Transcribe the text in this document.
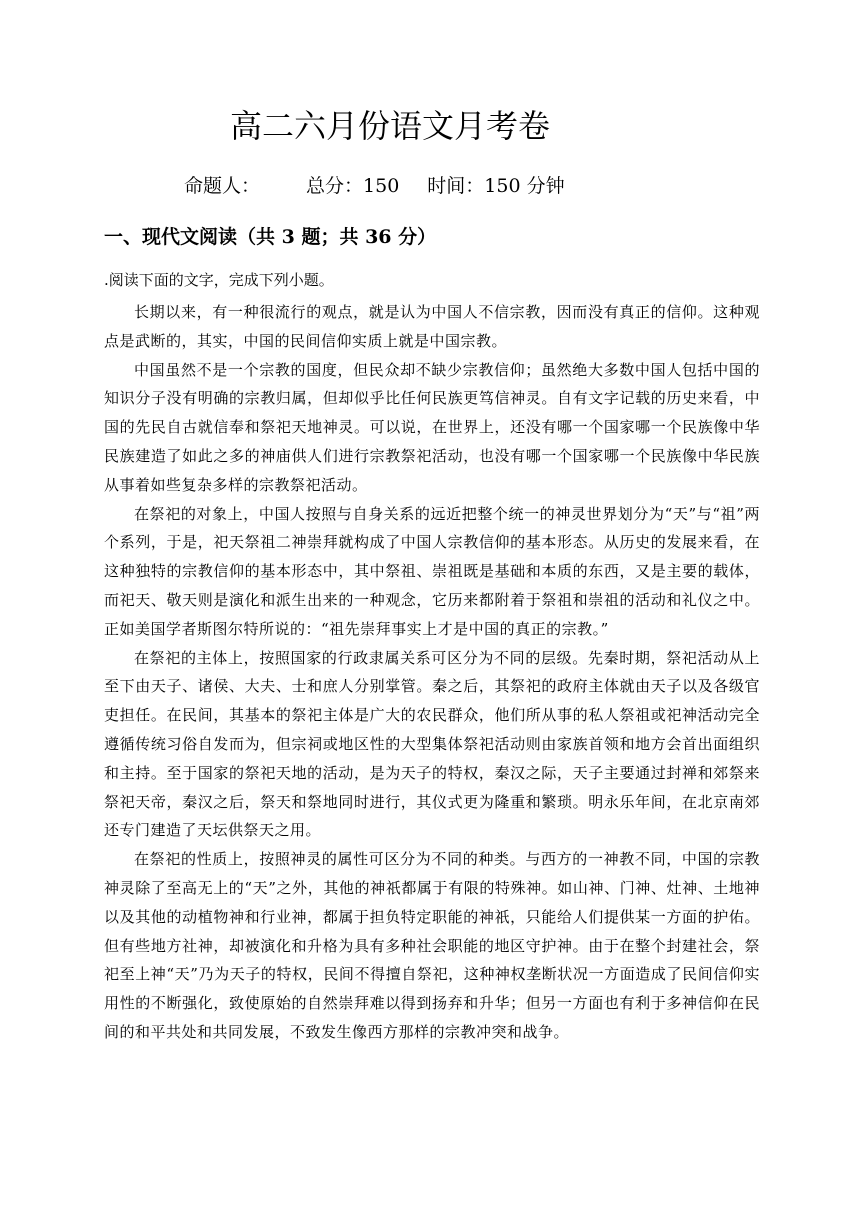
高二六月份语文月考卷
命题人： 总分：150 时间：150 分钟
一、现代文阅读（共 3 题；共 36 分）

.阅读下面的文字，完成下列小题。

长期以来，有一种很流行的观点，就是认为中国人不信宗教，因而没有真正的信仰。这种观点是武断的，其实，中国的民间信仰实质上就是中国宗教。

中国虽然不是一个宗教的国度，但民众却不缺少宗教信仰；虽然绝大多数中国人包括中国的知识分子没有明确的宗教归属，但却似乎比任何民族更笃信神灵。自有文字记载的历史来看，中国的先民自古就信奉和祭祀天地神灵。可以说，在世界上，还没有哪一个国家哪一个民族像中华民族建造了如此之多的神庙供人们进行宗教祭祀活动，也没有哪一个国家哪一个民族像中华民族从事着如些复杂多样的宗教祭祀活动。

在祭祀的对象上，中国人按照与自身关系的远近把整个统一的神灵世界划分为“天”与“祖”两个系列，于是，祀天祭祖二神崇拜就构成了中国人宗教信仰的基本形态。从历史的发展来看，在这种独特的宗教信仰的基本形态中，其中祭祖、崇祖既是基础和本质的东西，又是主要的载体，而祀天、敬天则是演化和派生出来的一种观念，它历来都附着于祭祖和崇祖的活动和礼仪之中。正如美国学者斯图尔特所说的：“祖先崇拜事实上才是中国的真正的宗教。”

在祭祀的主体上，按照国家的行政隶属关系可区分为不同的层级。先秦时期，祭祀活动从上至下由天子、诸侯、大夫、士和庶人分别掌管。秦之后，其祭祀的政府主体就由天子以及各级官吏担任。在民间，其基本的祭祀主体是广大的农民群众，他们所从事的私人祭祖或祀神活动完全遵循传统习俗自发而为，但宗祠或地区性的大型集体祭祀活动则由家族首领和地方会首出面组织和主持。至于国家的祭祀天地的活动，是为天子的特权，秦汉之际，天子主要通过封禅和郊祭来祭祀天帝，秦汉之后，祭天和祭地同时进行，其仪式更为隆重和繁琐。明永乐年间，在北京南郊还专门建造了天坛供祭天之用。

在祭祀的性质上，按照神灵的属性可区分为不同的种类。与西方的一神教不同，中国的宗教神灵除了至高无上的“天”之外，其他的神祇都属于有限的特殊神。如山神、门神、灶神、土地神以及其他的动植物神和行业神，都属于担负特定职能的神祇，只能给人们提供某一方面的护佑。但有些地方社神，却被演化和升格为具有多种社会职能的地区守护神。由于在整个封建社会，祭祀至上神“天”乃为天子的特权，民间不得擅自祭祀，这种神权垄断状况一方面造成了民间信仰实用性的不断强化，致使原始的自然崇拜难以得到扬弃和升华；但另一方面也有利于多神信仰在民间的和平共处和共同发展，不致发生像西方那样的宗教冲突和战争。
